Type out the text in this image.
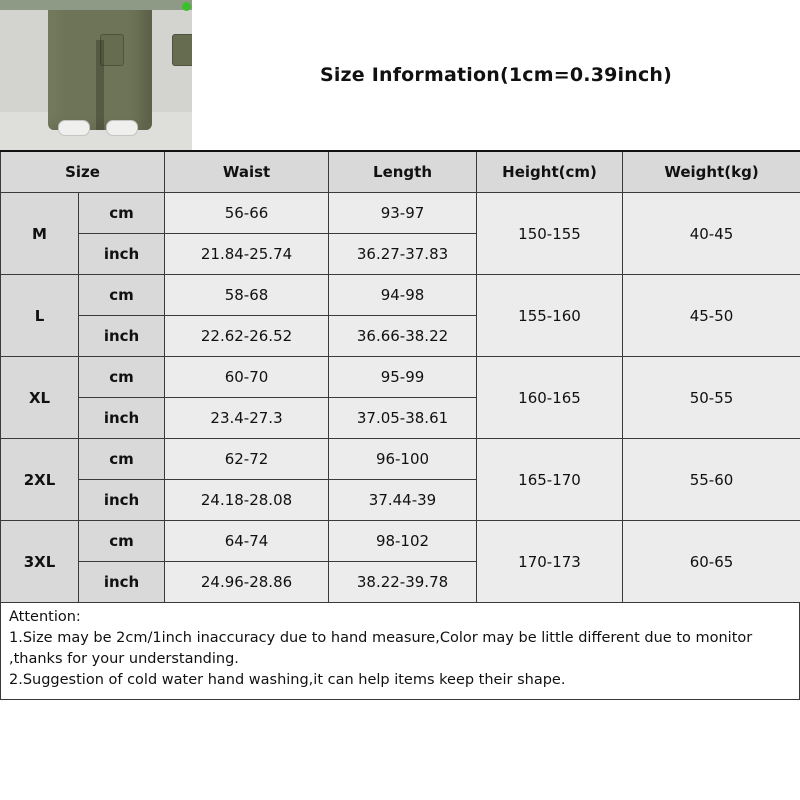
Size Information(1cm=0.39inch)
Size		Waist	Length	Height(cm)	Weight(kg)
M	cm	56-66	93-97	150-155	40-45
	inch	21.84-25.74	36.27-37.83		
L	cm	58-68	94-98	155-160	45-50
	inch	22.62-26.52	36.66-38.22		
XL	cm	60-70	95-99	160-165	50-55
	inch	23.4-27.3	37.05-38.61		
2XL	cm	62-72	96-100	165-170	55-60
	inch	24.18-28.08	37.44-39		
3XL	cm	64-74	98-102	170-173	60-65
	inch	24.96-28.86	38.22-39.78		

Attention:

1.Size may be 2cm/1inch inaccuracy due to hand measure,Color may be little different due to monitor ,thanks for your understanding.

2.Suggestion of cold water hand washing,it can help items keep their shape.
